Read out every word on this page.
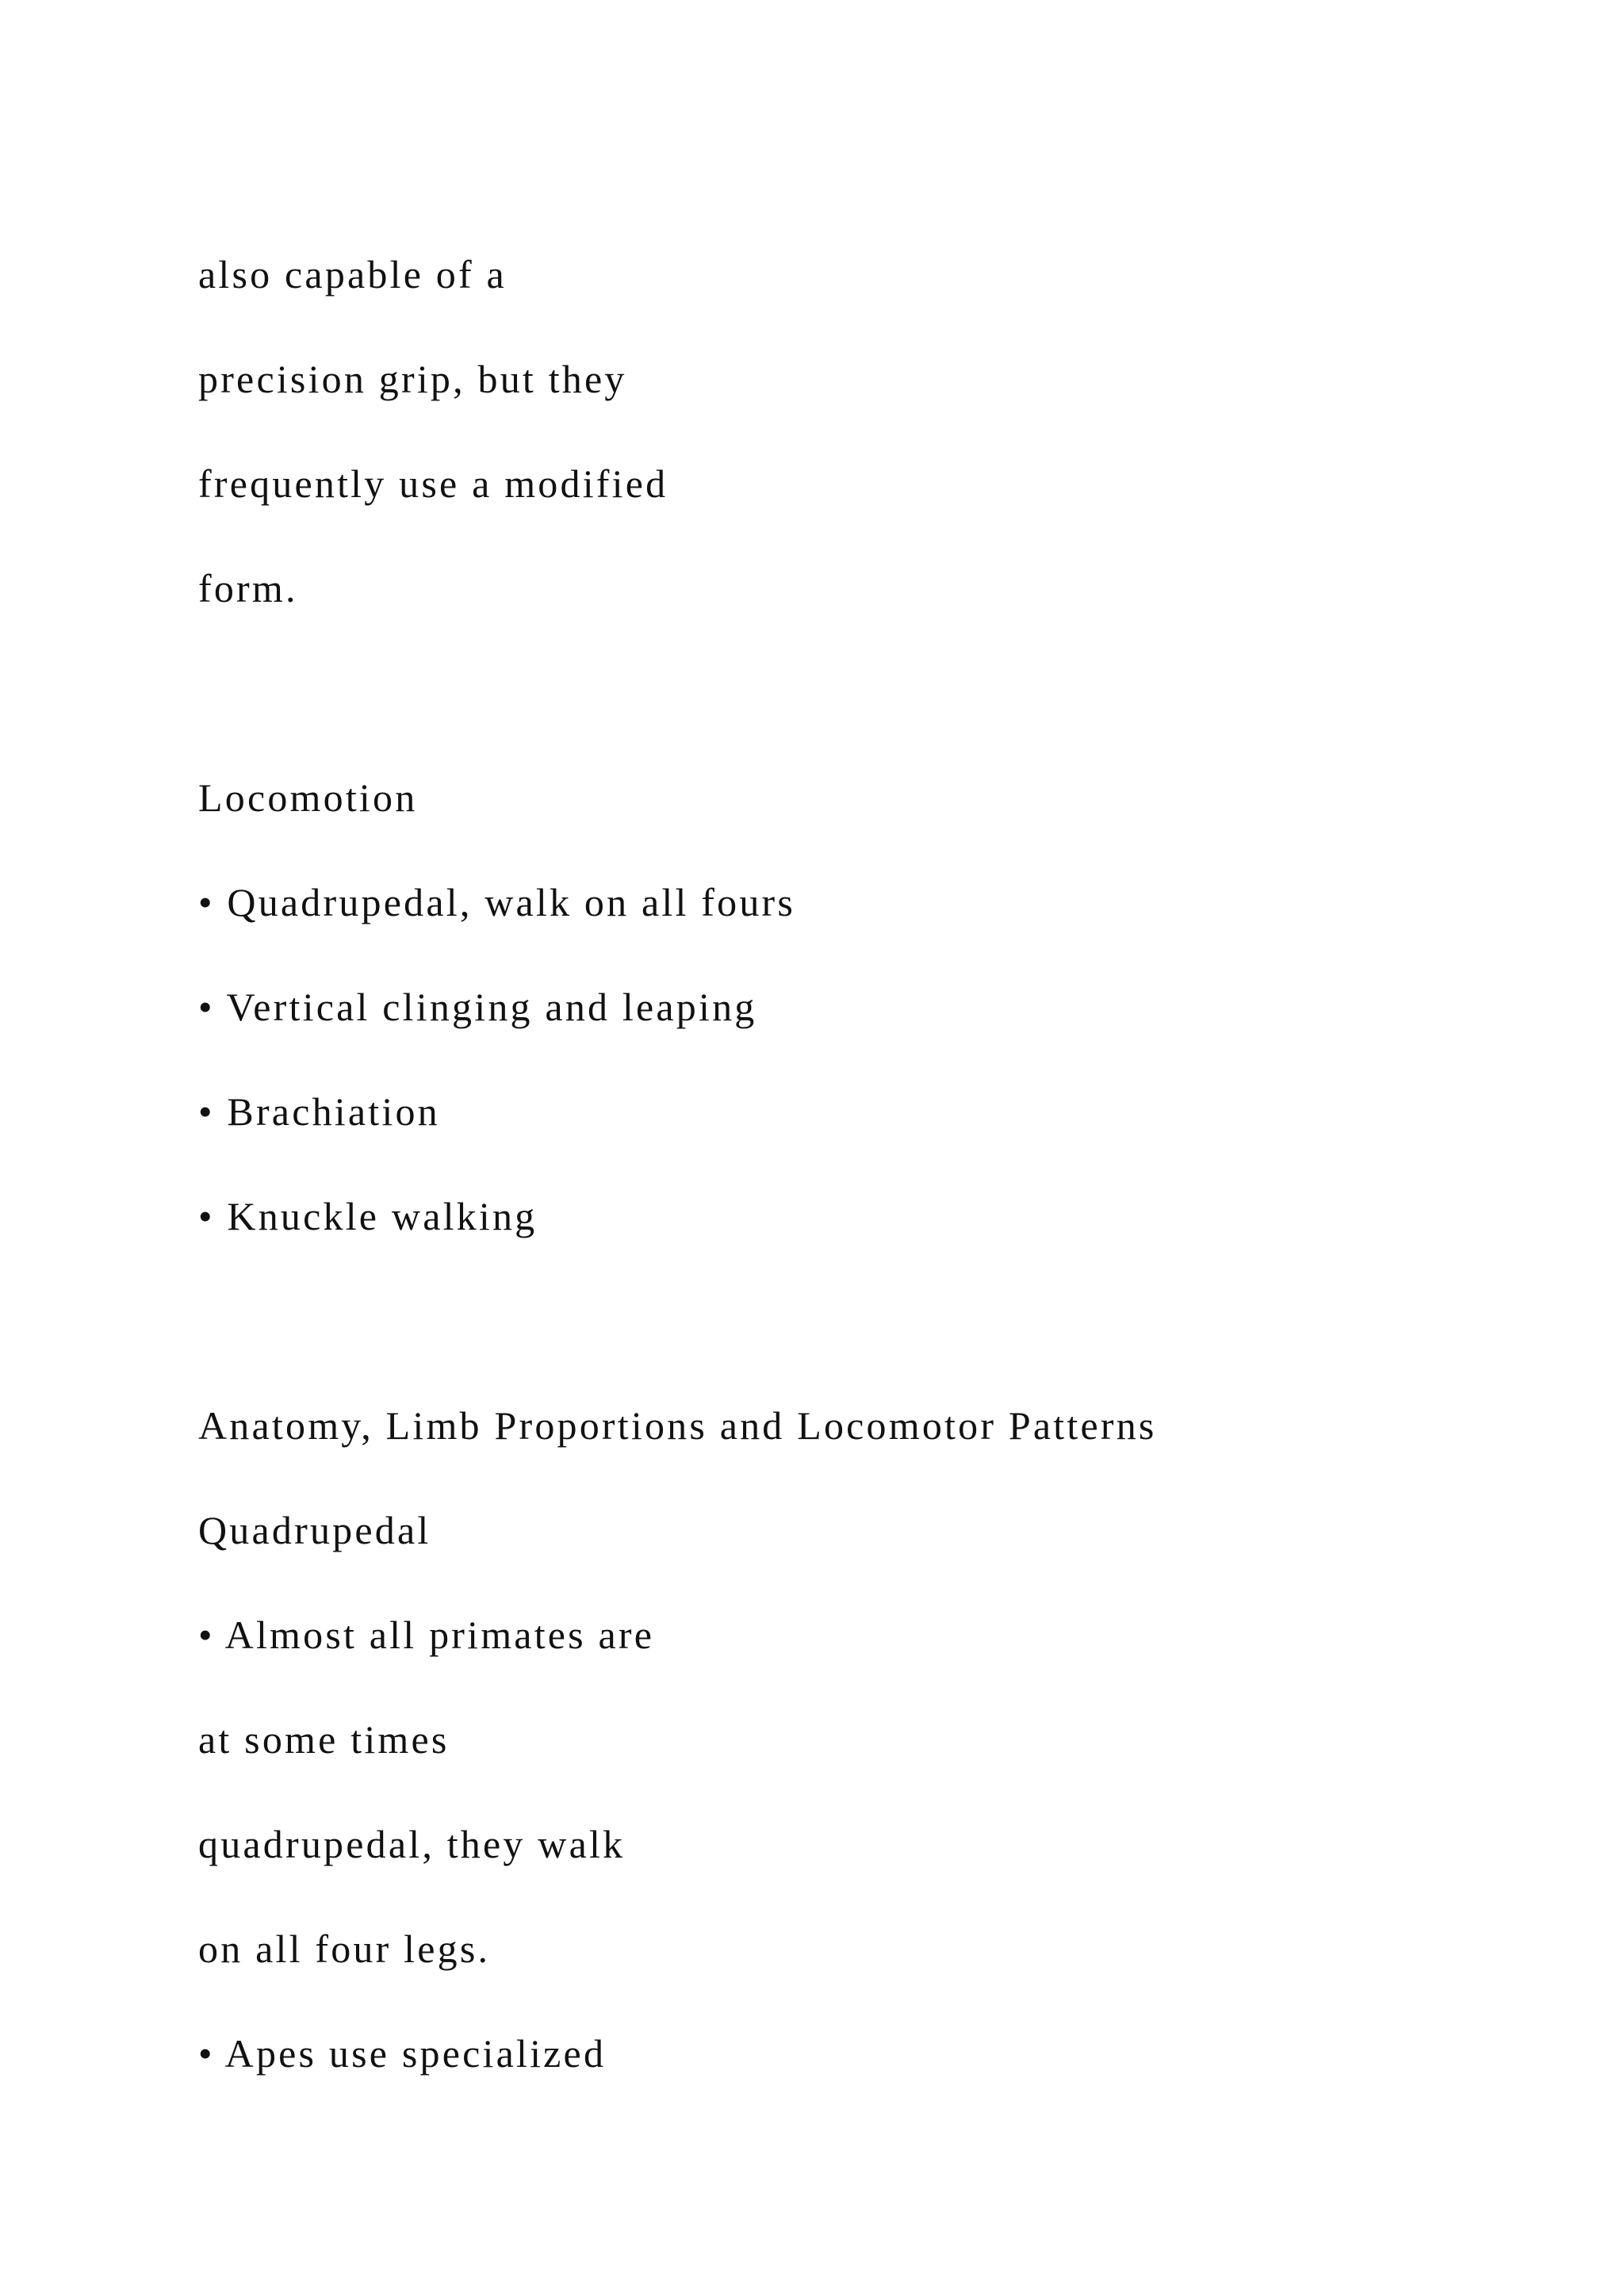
also capable of a
precision grip, but they
frequently use a modified
form.
Locomotion
• Quadrupedal, walk on all fours
• Vertical clinging and leaping
• Brachiation
• Knuckle walking
Anatomy, Limb Proportions and Locomotor Patterns
Quadrupedal
• Almost all primates are
at some times
quadrupedal, they walk
on all four legs.
• Apes use specialized
